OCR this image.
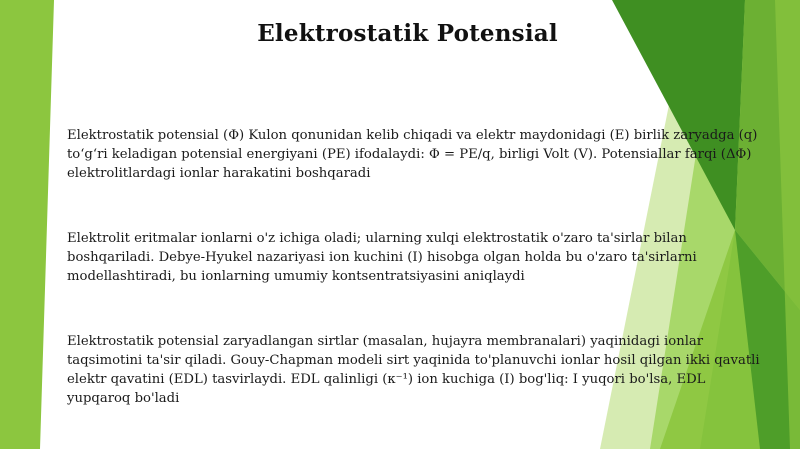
Elektrostatik Potensial

Elektrostatik potensial (Φ) Kulon qonunidan kelib chiqadi va elektr maydonidagi (E) birlik zaryadga (q) to‘g‘ri keladigan potensial energiyani (PE) ifodalaydi: Φ = PE/q, birligi Volt (V). Potensiallar farqi (ΔΦ) elektrolitlardagi ionlar harakatini boshqaradi

Elektrolit eritmalar ionlarni o'z ichiga oladi; ularning xulqi elektrostatik o'zaro ta'sirlar bilan boshqariladi. Debye-Hyukel nazariyasi ion kuchini (I) hisobga olgan holda bu o'zaro ta'sirlarni modellashtiradi, bu ionlarning umumiy kontsentratsiyasini aniqlaydi

Elektrostatik potensial zaryadlangan sirtlar (masalan, hujayra membranalari) yaqinidagi ionlar taqsimotini ta'sir qiladi. Gouy-Chapman modeli sirt yaqinida to'planuvchi ionlar hosil qilgan ikki qavatli elektr qavatini (EDL) tasvirlaydi. EDL qalinligi (κ⁻¹) ion kuchiga (I) bog'liq: I yuqori bo'lsa, EDL yupqaroq bo'ladi
